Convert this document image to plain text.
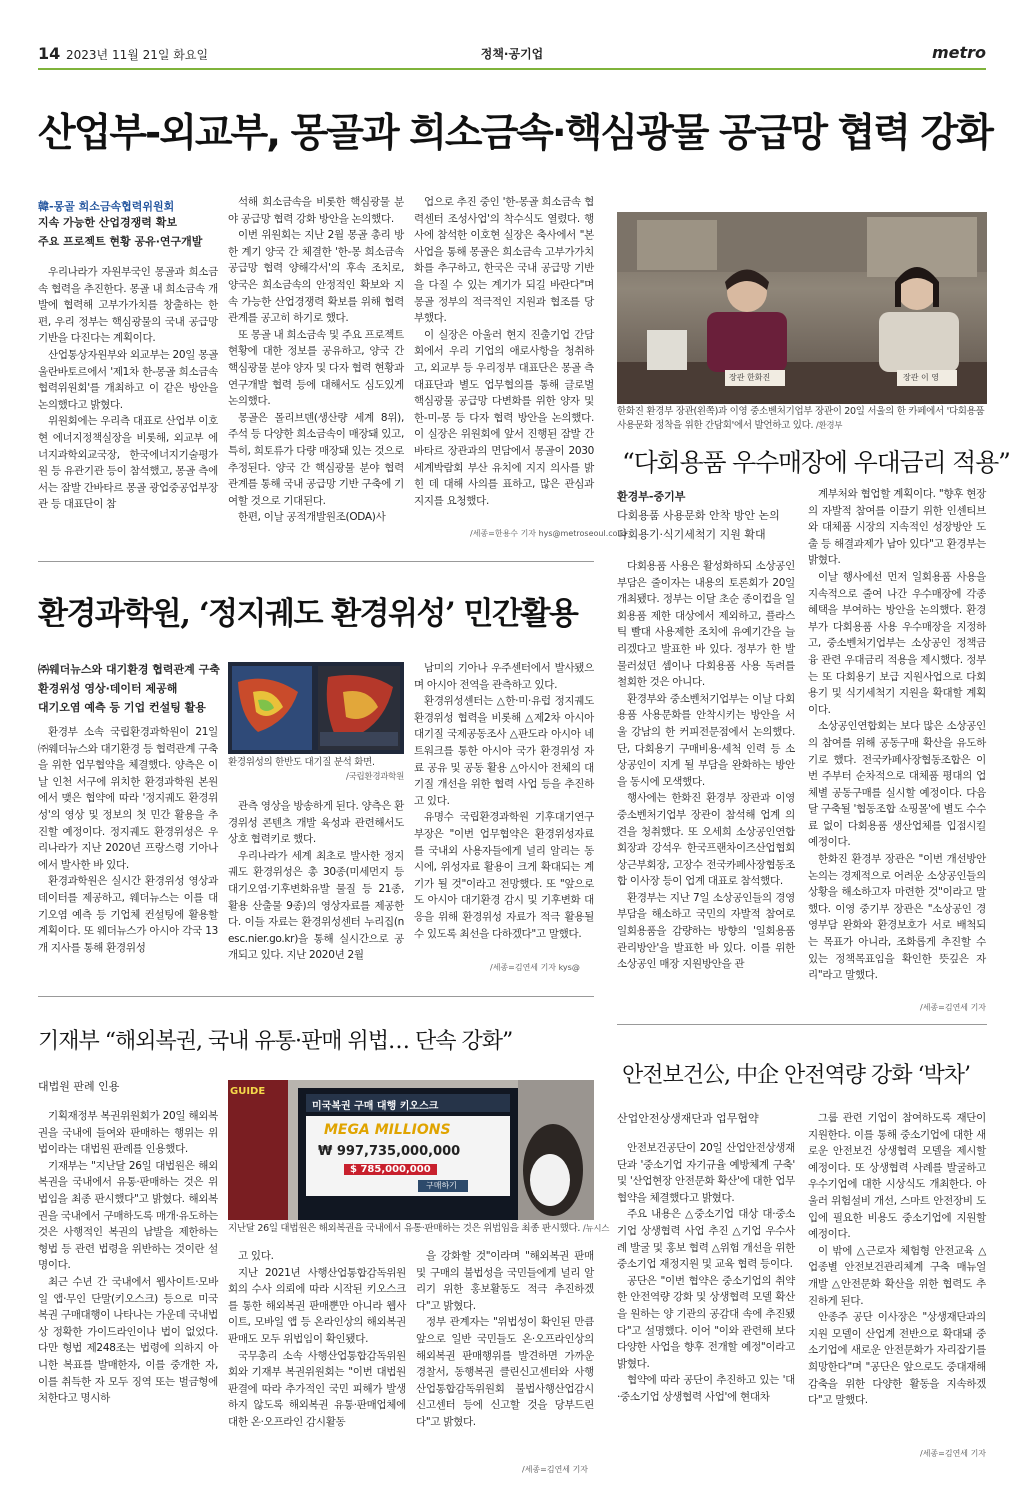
14 2023년 11월 21일 화요일	정책·공기업	metro
산업부-외교부, 몽골과 희소금속·핵심광물 공급망 협력 강화
韓-몽골 희소금속협력위원회
지속 가능한 산업경쟁력 확보
주요 프로젝트 현황 공유·연구개발

우리나라가 자원부국인 몽골과 희소금속 협력을 추진한다. 몽골 내 희소금속 개발에 협력해 고부가가치를 창출하는 한편, 우리 정부는 핵심광물의 국내 공급망 기반을 다진다는 계획이다.

산업통상자원부와 외교부는 20일 몽골 울란바토르에서 '제1차 한-몽골 희소금속협력위원회'를 개최하고 이 같은 방안을 논의했다고 밝혔다.

위원회에는 우리측 대표로 산업부 이호현 에너지정책실장을 비롯해, 외교부 에너지과학외교국장, 한국에너지기술평가원 등 유관기관 등이 참석했고, 몽골 측에서는 잠발 간바타르 몽골 광업중공업부장관 등 대표단이 참

석해 희소금속을 비롯한 핵심광물 분야 공급망 협력 강화 방안을 논의했다.

이번 위원회는 지난 2월 몽골 총리 방한 계기 양국 간 체결한 '한-몽 희소금속 공급망 협력 양해각서'의 후속 조치로, 양국은 희소금속의 안정적인 확보와 지속 가능한 산업경쟁력 확보를 위해 협력 관계를 공고히 하기로 했다.

또 몽골 내 희소금속 및 주요 프로젝트 현황에 대한 정보를 공유하고, 양국 간 핵심광물 분야 양자 및 다자 협력 현황과 연구개발 협력 등에 대해서도 심도있게 논의했다.

몽골은 몰리브덴(생산량 세계 8위), 주석 등 다양한 희소금속이 매장돼 있고, 특히, 희토류가 다량 매장돼 있는 것으로 추정된다. 양국 간 핵심광물 분야 협력 관계를 통해 국내 공급망 기반 구축에 기여할 것으로 기대된다.

한편, 이날 공적개발원조(ODA)사

업으로 추진 중인 '한-몽골 희소금속 협력센터 조성사업'의 착수식도 열렸다. 행사에 참석한 이호현 실장은 축사에서 "본 사업을 통해 몽골은 희소금속 고부가가치화를 추구하고, 한국은 국내 공급망 기반을 다질 수 있는 계기가 되길 바란다"며 몽골 정부의 적극적인 지원과 협조를 당부했다.

이 실장은 아울러 현지 진출기업 간담회에서 우리 기업의 애로사항을 청취하고, 외교부 등 우리정부 대표단은 몽골 측 대표단과 별도 업무협의를 통해 글로벌 핵심광물 공급망 다변화를 위한 양자 및 한-미-몽 등 다자 협력 방안을 논의했다. 이 실장은 위원회에 앞서 진행된 잠발 간바타르 장관과의 면담에서 몽골이 2030 세계박람회 부산 유치에 지지 의사를 밝힌 데 대해 사의를 표하고, 많은 관심과 지지를 요청했다.

/세종=한용수 기자 hys@metroseoul.co.kr
장관 한화진	장관 이 영
한화진 환경부 장관(왼쪽)과 이영 중소벤처기업부 장관이 20일 서울의 한 카페에서 '다회용품 사용문화 정착을 위한 간담회'에서 발언하고 있다. /환경부
“다회용품 우수매장에 우대금리 적용”
환경부-중기부
다회용품 사용문화 안착 방안 논의
다회용기·식기세척기 지원 확대

다회용품 사용은 활성화하되 소상공인 부담은 줄이자는 내용의 토론회가 20일 개최됐다. 정부는 이달 초순 종이컵을 일회용품 제한 대상에서 제외하고, 플라스틱 빨대 사용제한 조치에 유예기간을 늘리겠다고 발표한 바 있다. 정부가 한 발 물러섰던 셈이나 다회용품 사용 독려를 철회한 것은 아니다.

환경부와 중소벤처기업부는 이날 다회용품 사용문화를 안착시키는 방안을 서울 강남의 한 커피전문점에서 논의했다. 단, 다회용기 구매비용·세척 인력 등 소상공인이 지게 될 부담을 완화하는 방안을 동시에 모색했다.

행사에는 한화진 환경부 장관과 이영 중소벤처기업부 장관이 참석해 업계 의견을 청취했다. 또 오세희 소상공인연합회장과 강석우 한국프랜차이즈산업협회 상근부회장, 고장수 전국카페사장협동조합 이사장 등이 업계 대표로 참석했다.

환경부는 지난 7일 소상공인들의 경영부담을 해소하고 국민의 자발적 참여로 일회용품을 감량하는 방향의 '일회용품 관리방안'을 발표한 바 있다. 이를 위한 소상공인 매장 지원방안을 관

계부처와 협업할 계획이다. "향후 현장의 자발적 참여를 이끌기 위한 인센티브와 대체품 시장의 지속적인 성장방안 도출 등 해결과제가 남아 있다"고 환경부는 밝혔다.

이날 행사에선 먼저 일회용품 사용을 지속적으로 줄여 나간 우수매장에 각종 혜택을 부여하는 방안을 논의했다. 환경부가 다회용품 사용 우수매장을 지정하고, 중소벤처기업부는 소상공인 정책금융 관련 우대금리 적용을 제시했다. 정부는 또 다회용기 보급 지원사업으로 다회용기 및 식기세척기 지원을 확대할 계획이다.

소상공인연합회는 보다 많은 소상공인의 참여를 위해 공동구매 확산을 유도하기로 했다. 전국카페사장협동조합은 이번 주부터 순차적으로 대체품 평대의 업체별 공동구매를 실시할 예정이다. 다음 달 구축될 '협동조합 쇼핑몰'에 별도 수수료 없이 다회용품 생산업체를 입점시킬 예정이다.

한화진 환경부 장관은 "이번 개선방안 논의는 경제적으로 어려운 소상공인들의 상황을 해소하고자 마련한 것"이라고 말했다. 이영 중기부 장관은 "소상공인 경영부담 완화와 환경보호가 서로 배척되는 목표가 아니라, 조화롭게 추진할 수 있는 정책목표임을 확인한 뜻깊은 자리"라고 말했다.

/세종=김연세 기자
환경과학원, ‘정지궤도 환경위성’ 민간활용
㈜웨더뉴스와 대기환경 협력관계 구축
환경위성 영상·데이터 제공해
대기오염 예측 등 기업 컨설팅 활용

환경부 소속 국립환경과학원이 21일 ㈜웨더뉴스와 대기환경 등 협력관계 구축을 위한 업무협약을 체결했다. 양측은 이날 인천 서구에 위치한 환경과학원 본원에서 맺은 협약에 따라 '정지궤도 환경위성'의 영상 및 정보의 첫 민간 활용을 추진할 예정이다. 정지궤도 환경위성은 우리나라가 지난 2020년 프랑스령 기아나에서 발사한 바 있다.

환경과학원은 실시간 환경위성 영상과 데이터를 제공하고, 웨더뉴스는 이를 대기오염 예측 등 기업체 컨설팅에 활용할 계획이다. 또 웨더뉴스가 아시아 각국 13개 지사를 통해 환경위성

환경위성의 한반도 대기질 분석 화면.
/국립환경과학원

관측 영상을 방송하게 된다. 양측은 환경위성 콘텐츠 개발 육성과 관련해서도 상호 협력키로 했다.

우리나라가 세계 최초로 발사한 정지궤도 환경위성은 총 30종(미세먼지 등 대기오염·기후변화유발 물질 등 21종, 활용 산출물 9종)의 영상자료를 제공한다. 이들 자료는 환경위성센터 누리집(nesc.nier.go.kr)을 통해 실시간으로 공개되고 있다. 지난 2020년 2월

남미의 기아나 우주센터에서 발사됐으며 아시아 전역을 관측하고 있다.

환경위성센터는 △한·미·유럽 정지궤도 환경위성 협력을 비롯해 △제2차 아시아 대기질 국제공동조사 △판도라 아시아 네트워크를 통한 아시아 국가 환경위성 자료 공유 및 공동 활용 △아시아 전체의 대기질 개선을 위한 협력 사업 등을 추진하고 있다.

유명수 국립환경과학원 기후대기연구부장은 "이번 업무협약은 환경위성자료를 국내외 사용자들에게 널리 알리는 동시에, 위성자료 활용이 크게 확대되는 계기가 될 것"이라고 전망했다. 또 "앞으로도 아시아 대기환경 감시 및 기후변화 대응을 위해 환경위성 자료가 적극 활용될 수 있도록 최선을 다하겠다"고 말했다.

/세종=김연세 기자 kys@
기재부 “해외복권, 국내 유통·판매 위법… 단속 강화”
대법원 판례 인용

기획재정부 복권위원회가 20일 해외복권을 국내에 들여와 판매하는 행위는 위법이라는 대법원 판례를 인용했다.

기재부는 "지난달 26일 대법원은 해외복권을 국내에서 유통·판매하는 것은 위법임을 최종 판시했다"고 밝혔다. 해외복권을 국내에서 구매하도록 매개·유도하는 것은 사행적인 복권의 남발을 제한하는 형법 등 관련 법령을 위반하는 것이란 설명이다.

최근 수년 간 국내에서 웹사이트·모바일 앱·무인 단말(키오스크) 등으로 미국 복권 구매대행이 나타나는 가운데 국내법상 정확한 가이드라인이나 법이 없었다. 다만 형법 제248조는 법령에 의하지 아니한 복표를 발매한자, 이를 중개한 자, 이를 취득한 자 모두 징역 또는 벌금형에 처한다고 명시하

GUIDE
미국복권 구매 대행 키오스크
MEGA MILLIONS
₩ 997,735,000,000
$ 785,000,000
구매하기
지난달 26일 대법원은 해외복권을 국내에서 유통·판매하는 것은 위법임을 최종 판시했다. /뉴시스

고 있다.

지난 2021년 사행산업통합감독위원회의 수사 의뢰에 따라 시작된 키오스크를 통한 해외복권 판매뿐만 아니라 웹사이트, 모바일 앱 등 온라인상의 해외복권 판매도 모두 위법임이 확인됐다.

국무총리 소속 사행산업통합감독위원회와 기재부 복권위원회는 "이번 대법원 판결에 따라 추가적인 국민 피해가 발생하지 않도록 해외복권 유통·판매업체에 대한 온·오프라인 감시활동

을 강화할 것"이라며 "해외복권 판매 및 구매의 불법성을 국민들에게 널리 알리기 위한 홍보활동도 적극 추진하겠다"고 밝혔다.

정부 관계자는 "위법성이 확인된 만큼 앞으로 일반 국민들도 온·오프라인상의 해외복권 판매행위를 발견하면 가까운 경찰서, 동행복권 클린신고센터와 사행산업통합감독위원회 불법사행산업감시신고센터 등에 신고할 것을 당부드린다"고 밝혔다.

/세종=김연세 기자
안전보건公, 中企 안전역량 강화 ‘박차’
산업안전상생재단과 업무협약

안전보건공단이 20일 산업안전상생재단과 '중소기업 자기규율 예방체계 구축' 및 '산업현장 안전문화 확산'에 대한 업무협약을 체결했다고 밝혔다.

주요 내용은 △중소기업 대상 대·중소기업 상생협력 사업 추진 △기업 우수사례 발굴 및 홍보 협력 △위험 개선을 위한 중소기업 재정지원 및 교육 협력 등이다.

공단은 "이번 협약은 중소기업의 취약한 안전역량 강화 및 상생협력 모델 확산을 원하는 양 기관의 공감대 속에 추진됐다"고 설명했다. 이어 "이와 관련해 보다 다양한 사업을 향후 전개할 예정"이라고 밝혔다.

협약에 따라 공단이 추진하고 있는 '대·중소기업 상생협력 사업'에 현대차

그룹 관련 기업이 참여하도록 재단이 지원한다. 이를 통해 중소기업에 대한 새로운 안전보건 상생협력 모델을 제시할 예정이다. 또 상생협력 사례를 발굴하고 우수기업에 대한 시상식도 개최한다. 아울러 위험설비 개선, 스마트 안전장비 도입에 필요한 비용도 중소기업에 지원할 예정이다.

이 밖에 △근로자 체험형 안전교육 △업종별 안전보건관리체계 구축 매뉴얼 개발 △안전문화 확산을 위한 협력도 추진하게 된다.

안종주 공단 이사장은 "상생재단과의 지원 모델이 산업계 전반으로 확대돼 중소기업에 새로운 안전문화가 자리잡기를 희망한다"며 "공단은 앞으로도 중대재해 감축을 위한 다양한 활동을 지속하겠다"고 말했다.

/세종=김연세 기자
